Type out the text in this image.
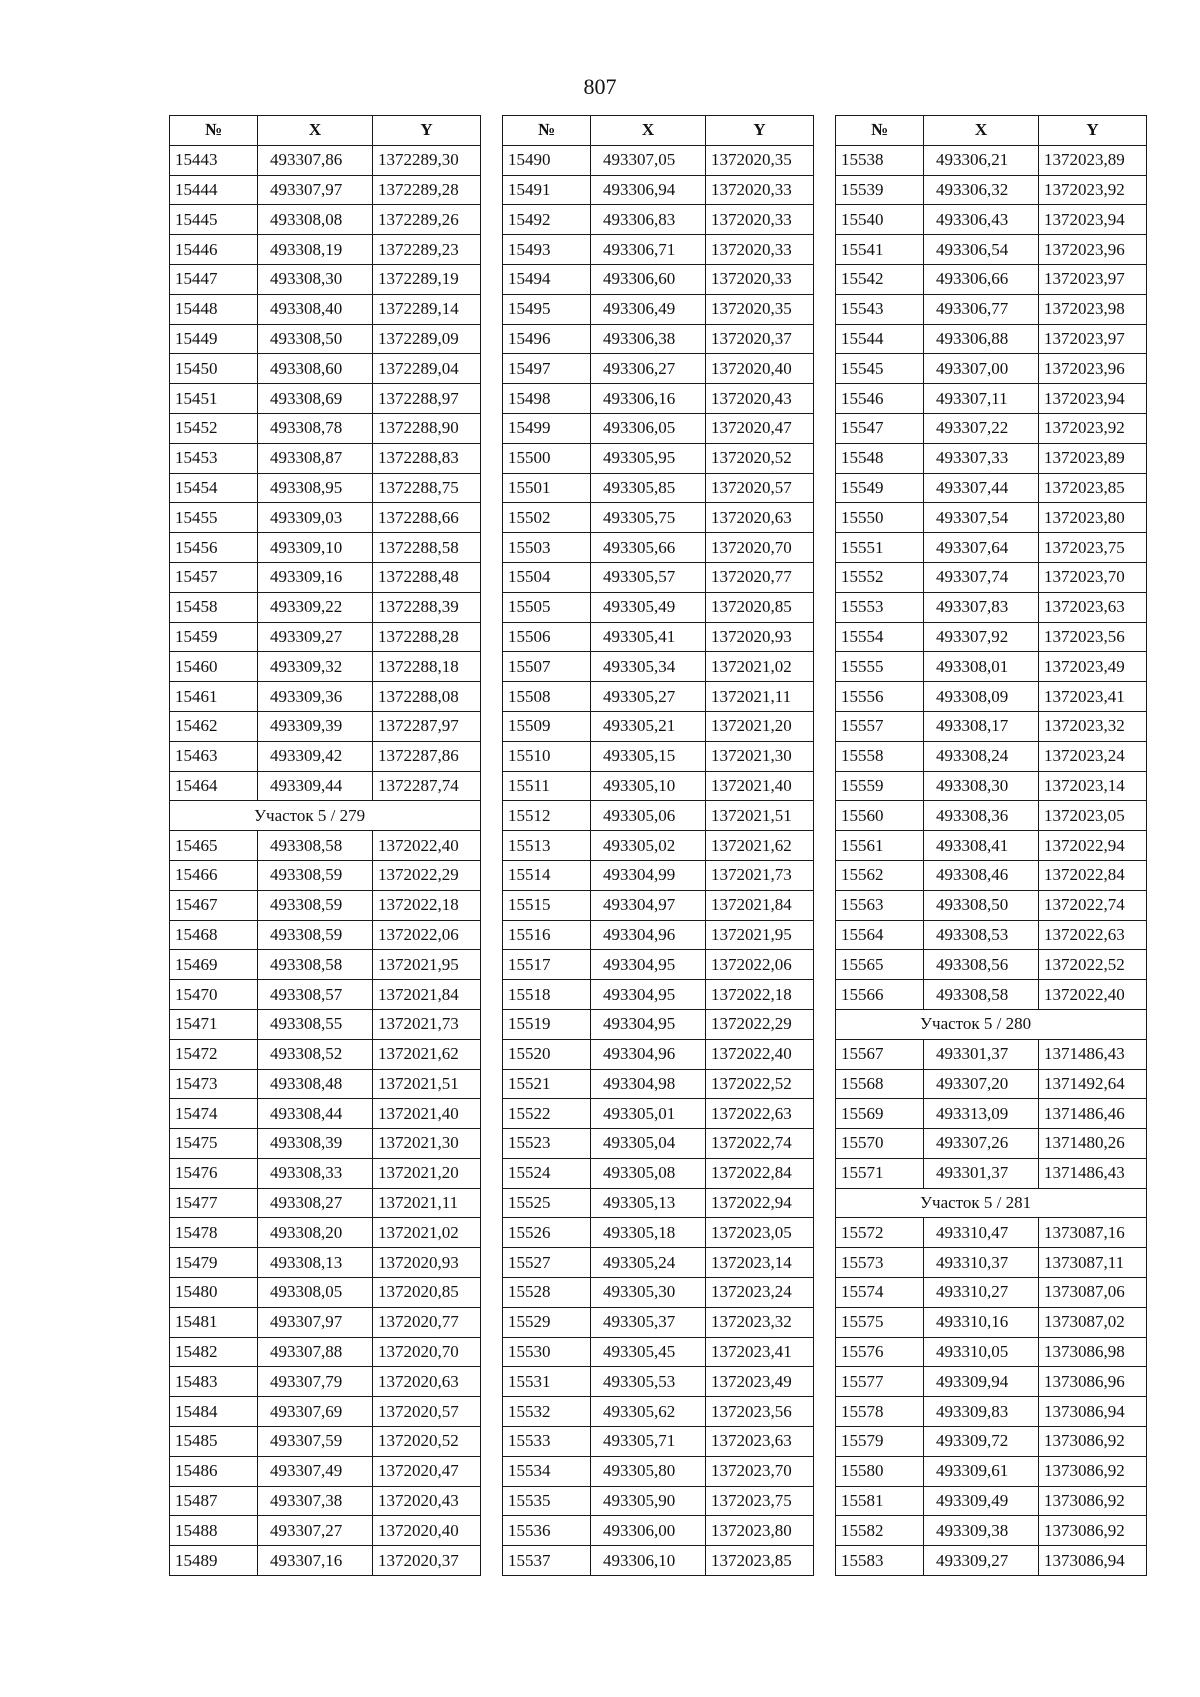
807
№	X	Y
15443	493307,86	1372289,30
15444	493307,97	1372289,28
15445	493308,08	1372289,26
15446	493308,19	1372289,23
15447	493308,30	1372289,19
15448	493308,40	1372289,14
15449	493308,50	1372289,09
15450	493308,60	1372289,04
15451	493308,69	1372288,97
15452	493308,78	1372288,90
15453	493308,87	1372288,83
15454	493308,95	1372288,75
15455	493309,03	1372288,66
15456	493309,10	1372288,58
15457	493309,16	1372288,48
15458	493309,22	1372288,39
15459	493309,27	1372288,28
15460	493309,32	1372288,18
15461	493309,36	1372288,08
15462	493309,39	1372287,97
15463	493309,42	1372287,86
15464	493309,44	1372287,74
Участок 5 / 279		
15465	493308,58	1372022,40
15466	493308,59	1372022,29
15467	493308,59	1372022,18
15468	493308,59	1372022,06
15469	493308,58	1372021,95
15470	493308,57	1372021,84
15471	493308,55	1372021,73
15472	493308,52	1372021,62
15473	493308,48	1372021,51
15474	493308,44	1372021,40
15475	493308,39	1372021,30
15476	493308,33	1372021,20
15477	493308,27	1372021,11
15478	493308,20	1372021,02
15479	493308,13	1372020,93
15480	493308,05	1372020,85
15481	493307,97	1372020,77
15482	493307,88	1372020,70
15483	493307,79	1372020,63
15484	493307,69	1372020,57
15485	493307,59	1372020,52
15486	493307,49	1372020,47
15487	493307,38	1372020,43
15488	493307,27	1372020,40
15489	493307,16	1372020,37
№	X	Y
15490	493307,05	1372020,35
15491	493306,94	1372020,33
15492	493306,83	1372020,33
15493	493306,71	1372020,33
15494	493306,60	1372020,33
15495	493306,49	1372020,35
15496	493306,38	1372020,37
15497	493306,27	1372020,40
15498	493306,16	1372020,43
15499	493306,05	1372020,47
15500	493305,95	1372020,52
15501	493305,85	1372020,57
15502	493305,75	1372020,63
15503	493305,66	1372020,70
15504	493305,57	1372020,77
15505	493305,49	1372020,85
15506	493305,41	1372020,93
15507	493305,34	1372021,02
15508	493305,27	1372021,11
15509	493305,21	1372021,20
15510	493305,15	1372021,30
15511	493305,10	1372021,40
15512	493305,06	1372021,51
15513	493305,02	1372021,62
15514	493304,99	1372021,73
15515	493304,97	1372021,84
15516	493304,96	1372021,95
15517	493304,95	1372022,06
15518	493304,95	1372022,18
15519	493304,95	1372022,29
15520	493304,96	1372022,40
15521	493304,98	1372022,52
15522	493305,01	1372022,63
15523	493305,04	1372022,74
15524	493305,08	1372022,84
15525	493305,13	1372022,94
15526	493305,18	1372023,05
15527	493305,24	1372023,14
15528	493305,30	1372023,24
15529	493305,37	1372023,32
15530	493305,45	1372023,41
15531	493305,53	1372023,49
15532	493305,62	1372023,56
15533	493305,71	1372023,63
15534	493305,80	1372023,70
15535	493305,90	1372023,75
15536	493306,00	1372023,80
15537	493306,10	1372023,85
№	X	Y
15538	493306,21	1372023,89
15539	493306,32	1372023,92
15540	493306,43	1372023,94
15541	493306,54	1372023,96
15542	493306,66	1372023,97
15543	493306,77	1372023,98
15544	493306,88	1372023,97
15545	493307,00	1372023,96
15546	493307,11	1372023,94
15547	493307,22	1372023,92
15548	493307,33	1372023,89
15549	493307,44	1372023,85
15550	493307,54	1372023,80
15551	493307,64	1372023,75
15552	493307,74	1372023,70
15553	493307,83	1372023,63
15554	493307,92	1372023,56
15555	493308,01	1372023,49
15556	493308,09	1372023,41
15557	493308,17	1372023,32
15558	493308,24	1372023,24
15559	493308,30	1372023,14
15560	493308,36	1372023,05
15561	493308,41	1372022,94
15562	493308,46	1372022,84
15563	493308,50	1372022,74
15564	493308,53	1372022,63
15565	493308,56	1372022,52
15566	493308,58	1372022,40
Участок 5 / 280		
15567	493301,37	1371486,43
15568	493307,20	1371492,64
15569	493313,09	1371486,46
15570	493307,26	1371480,26
15571	493301,37	1371486,43
Участок 5 / 281		
15572	493310,47	1373087,16
15573	493310,37	1373087,11
15574	493310,27	1373087,06
15575	493310,16	1373087,02
15576	493310,05	1373086,98
15577	493309,94	1373086,96
15578	493309,83	1373086,94
15579	493309,72	1373086,92
15580	493309,61	1373086,92
15581	493309,49	1373086,92
15582	493309,38	1373086,92
15583	493309,27	1373086,94
